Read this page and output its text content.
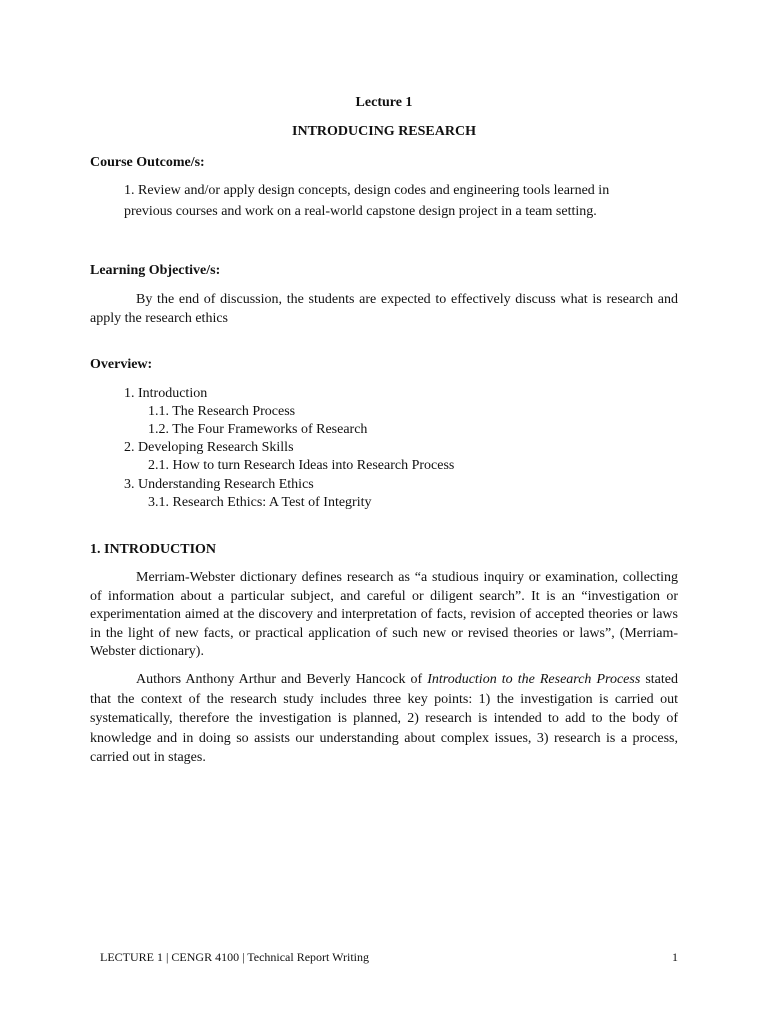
Lecture 1
INTRODUCING RESEARCH
Course Outcome/s:
1. Review and/or apply design concepts, design codes and engineering tools learned in
previous courses and work on a real-world capstone design project in a team setting.
Learning Objective/s:
By the end of discussion, the students are expected to effectively discuss what is research and apply the research ethics
Overview:
1. Introduction
1.1. The Research Process
1.2. The Four Frameworks of Research
2. Developing Research Skills
2.1. How to turn Research Ideas into Research Process
3. Understanding Research Ethics
3.1. Research Ethics: A Test of Integrity
1. INTRODUCTION
Merriam-Webster dictionary defines research as “a studious inquiry or examination, collecting of information about a particular subject, and careful or diligent search”. It is an “investigation or experimentation aimed at the discovery and interpretation of facts, revision of accepted theories or laws in the light of new facts, or practical application of such new or revised theories or laws”, (Merriam-Webster dictionary).
Authors Anthony Arthur and Beverly Hancock of Introduction to the Research Process stated that the context of the research study includes three key points: 1) the investigation is carried out systematically, therefore the investigation is planned, 2) research is intended to add to the body of knowledge and in doing so assists our understanding about complex issues, 3) research is a process, carried out in stages.
LECTURE 1 | CENGR 4100 | Technical Report Writing	1
